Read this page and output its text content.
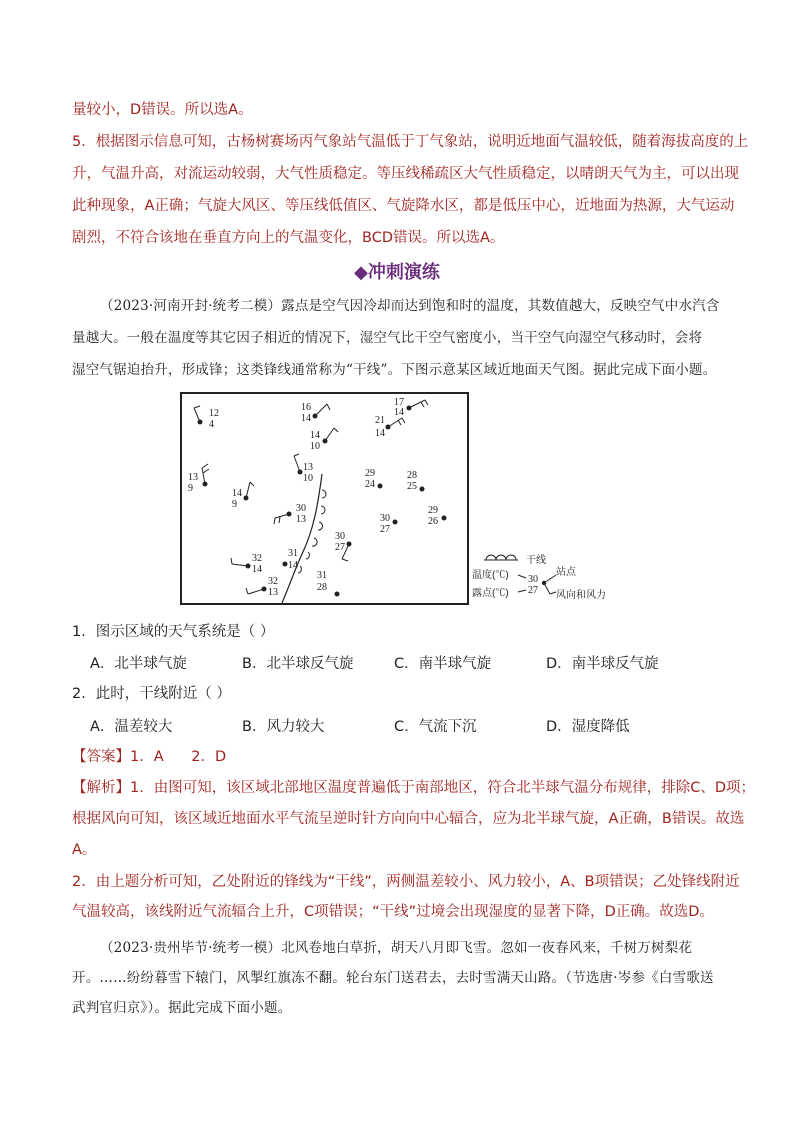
量较小，D错误。所以选A。
5．根据图示信息可知，古杨树赛场丙气象站气温低于丁气象站，说明近地面气温较低，随着海拔高度的上
升，气温升高，对流运动较弱，大气性质稳定。等压线稀疏区大气性质稳定，以晴朗天气为主，可以出现
此种现象，A正确；气旋大风区、等压线低值区、气旋降水区，都是低压中心，近地面为热源，大气运动
剧烈，不符合该地在垂直方向上的气温变化，BCD错误。所以选A。
◆冲刺演练
（2023·河南开封·统考二模）露点是空气因冷却而达到饱和时的温度，其数值越大，反映空气中水汽含
量越大。一般在温度等其它因子相近的情况下，湿空气比干空气密度小，当干空气向湿空气移动时，会将
湿空气锯迫抬升，形成锋；这类锋线通常称为“干线”。下图示意某区域近地面天气图。据此完成下面小题。
12
4
16
14
17
14
21
14
14
10
13
10
13
9	14
9
29
24
28
25
29
26
30
13	30
27
30
27
32
14
31
14
32
13
31
28
干线
温度(℃)
露点(℃)
30
27
站点
风向和风力
1．图示区域的天气系统是（ ）
A．北半球气旋	B．北半球反气旋	C．南半球气旋	D．南半球反气旋
2．此时，干线附近（ ）
A．温差较大	B．风力较大	C．气流下沉	D．湿度降低
【答案】1．A      2．D
【解析】1．由图可知，该区域北部地区温度普遍低于南部地区，符合北半球气温分布规律，排除C、D项；
根据风向可知，该区域近地面水平气流呈逆时针方向向中心辐合，应为北半球气旋，A正确，B错误。故选
A。
2．由上题分析可知，乙处附近的锋线为“干线”，两侧温差较小、风力较小，A、B项错误；乙处锋线附近
气温较高，该线附近气流辐合上升，C项错误；“干线”过境会出现湿度的显著下降，D正确。故选D。
（2023·贵州毕节·统考一模）北风卷地白草折，胡天八月即飞雪。忽如一夜春风来，千树万树梨花
开。……纷纷暮雪下辕门，风掣红旗冻不翻。轮台东门送君去，去时雪满天山路。（节选唐·岑参《白雪歌送
武判官归京》）。据此完成下面小题。
